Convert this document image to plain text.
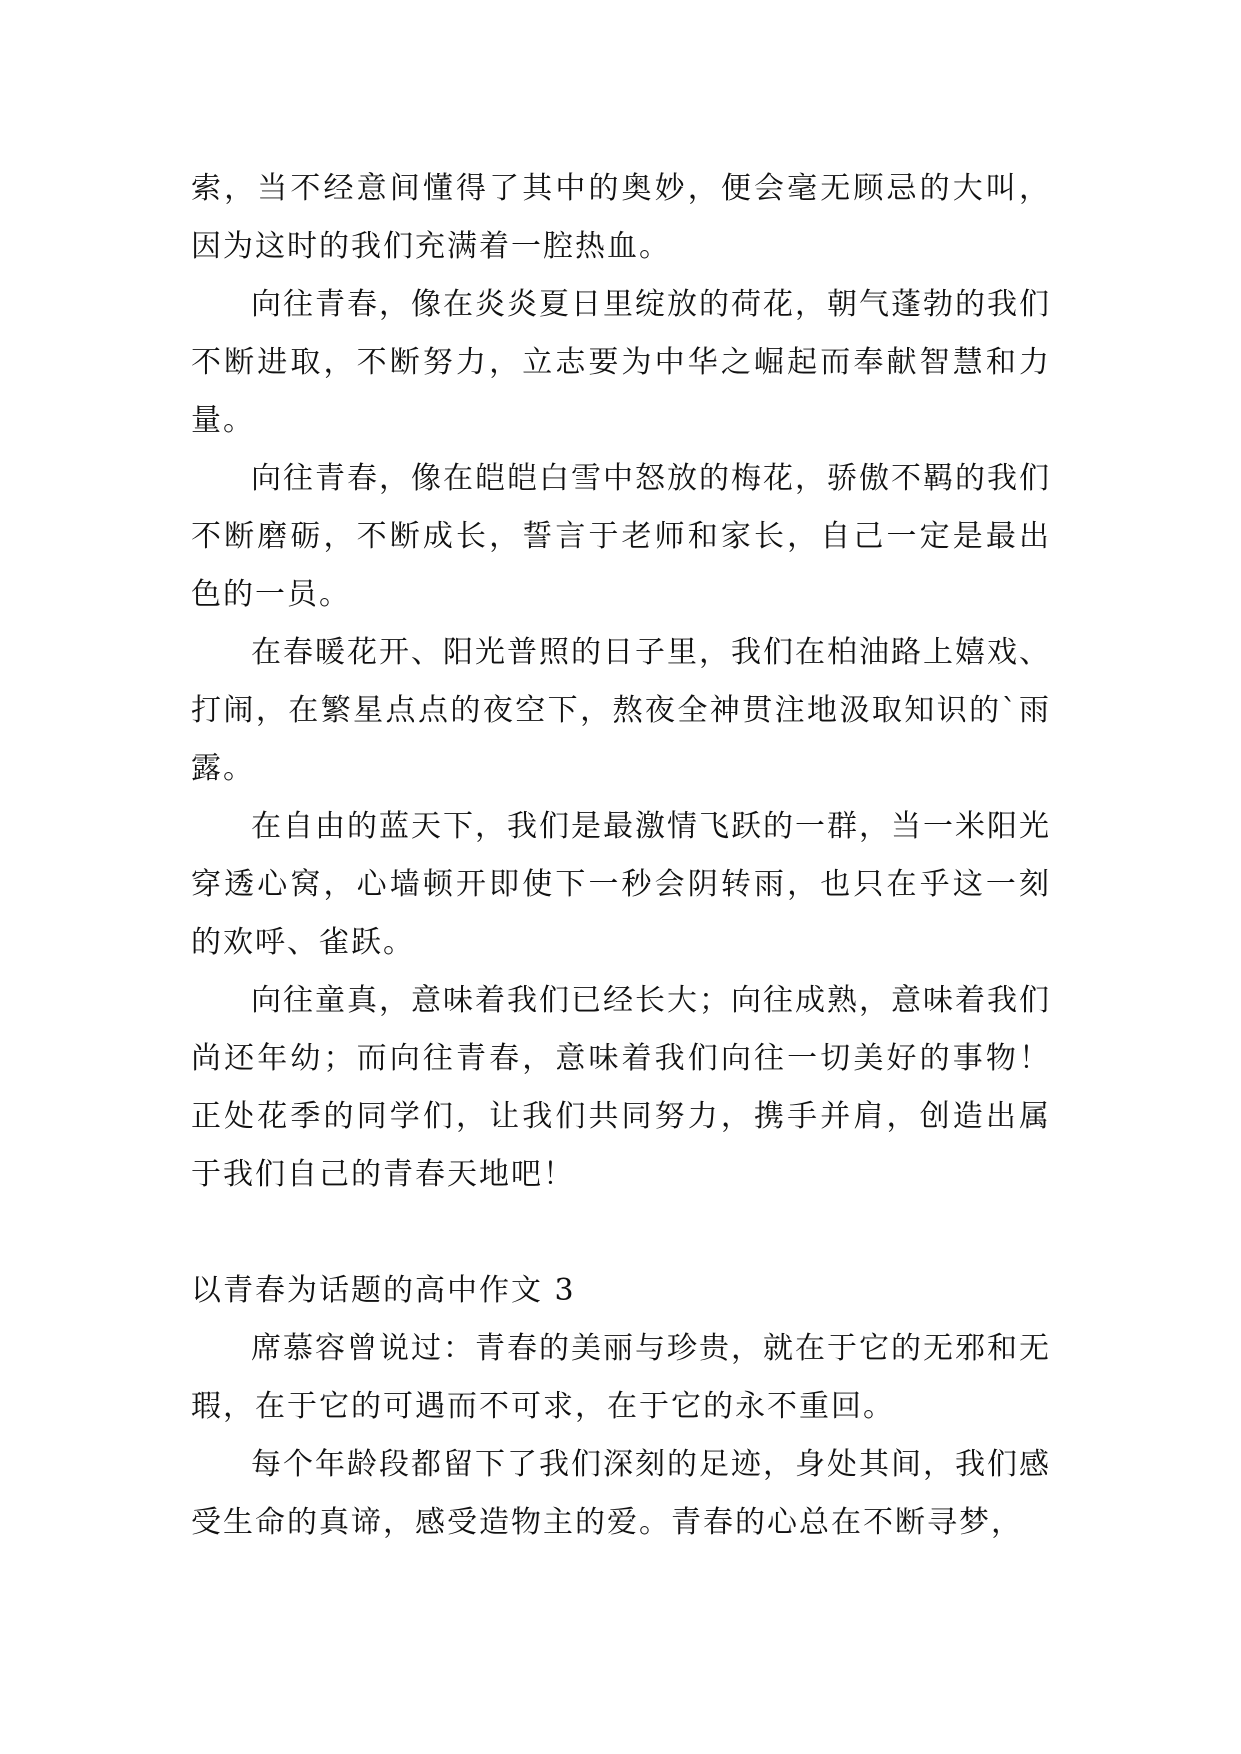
索，当不经意间懂得了其中的奥妙，便会毫无顾忌的大叫，因为这时的我们充满着一腔热血。

向往青春，像在炎炎夏日里绽放的荷花，朝气蓬勃的我们不断进取，不断努力，立志要为中华之崛起而奉献智慧和力量。

向往青春，像在皑皑白雪中怒放的梅花，骄傲不羁的我们不断磨砺，不断成长，誓言于老师和家长，自己一定是最出色的一员。

在春暖花开、阳光普照的日子里，我们在柏油路上嬉戏、打闹，在繁星点点的夜空下，熬夜全神贯注地汲取知识的`雨露。

在自由的蓝天下，我们是最激情飞跃的一群，当一米阳光穿透心窝，心墙顿开即使下一秒会阴转雨，也只在乎这一刻的欢呼、雀跃。

向往童真，意味着我们已经长大；向往成熟，意味着我们尚还年幼；而向往青春，意味着我们向往一切美好的事物！正处花季的同学们，让我们共同努力，携手并肩，创造出属于我们自己的青春天地吧！

以青春为话题的高中作文 3

席慕容曾说过：青春的美丽与珍贵，就在于它的无邪和无瑕，在于它的可遇而不可求，在于它的永不重回。

每个年龄段都留下了我们深刻的足迹，身处其间，我们感受生命的真谛，感受造物主的爱。青春的心总在不断寻梦，
